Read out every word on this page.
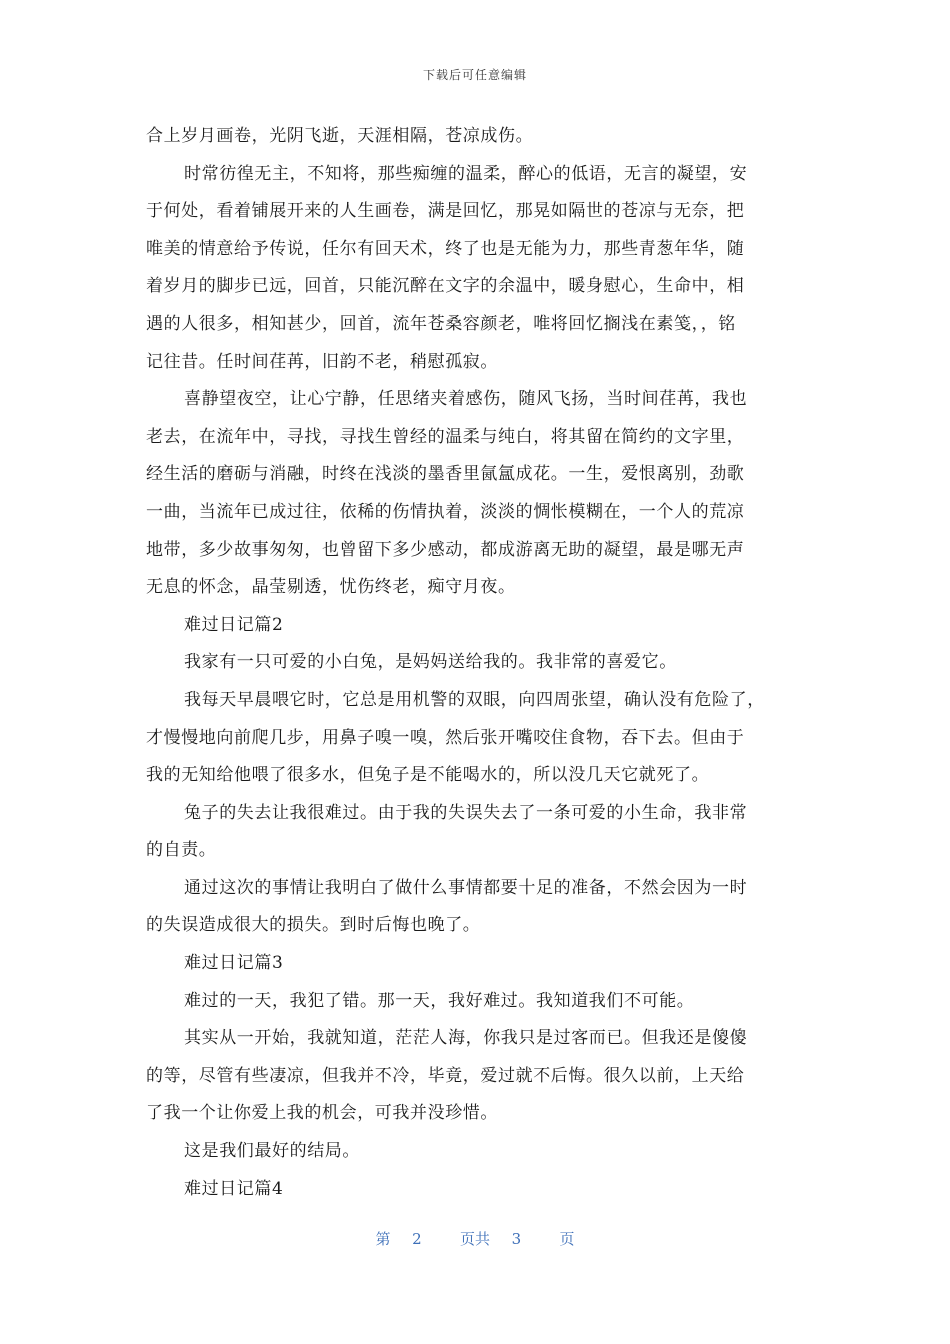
下载后可任意编辑
合上岁月画卷，光阴飞逝，天涯相隔，苍凉成伤。
时常彷徨无主，不知将，那些痴缠的温柔，醉心的低语，无言的凝望，安
于何处，看着铺展开来的人生画卷，满是回忆，那晃如隔世的苍凉与无奈，把
唯美的情意给予传说，任尔有回天术，终了也是无能为力，那些青葱年华，随
着岁月的脚步已远，回首，只能沉醉在文字的余温中，暖身慰心，生命中，相
遇的人很多，相知甚少，回首，流年苍桑容颜老，唯将回忆搁浅在素笺，，铭
记往昔。任时间荏苒，旧韵不老，稍慰孤寂。
喜静望夜空，让心宁静，任思绪夹着感伤，随风飞扬，当时间荏苒，我也
老去，在流年中，寻找，寻找生曾经的温柔与纯白，将其留在简约的文字里，
经生活的磨砺与消融，时终在浅淡的墨香里氤氲成花。一生，爱恨离别，劲歌
一曲，当流年已成过往，依稀的伤情执着，淡淡的惆怅模糊在，一个人的荒凉
地带，多少故事匆匆，也曾留下多少感动，都成游离无助的凝望，最是哪无声
无息的怀念，晶莹剔透，忧伤终老，痴守月夜。
难过日记篇2
我家有一只可爱的小白兔，是妈妈送给我的。我非常的喜爱它。
我每天早晨喂它时，它总是用机警的双眼，向四周张望，确认没有危险了，
才慢慢地向前爬几步，用鼻子嗅一嗅，然后张开嘴咬住食物，吞下去。但由于
我的无知给他喂了很多水，但兔子是不能喝水的，所以没几天它就死了。
兔子的失去让我很难过。由于我的失误失去了一条可爱的小生命，我非常
的自责。
通过这次的事情让我明白了做什么事情都要十足的准备，不然会因为一时
的失误造成很大的损失。到时后悔也晚了。
难过日记篇3
难过的一天，我犯了错。那一天，我好难过。我知道我们不可能。
其实从一开始，我就知道，茫茫人海，你我只是过客而已。但我还是傻傻
的等，尽管有些凄凉，但我并不冷，毕竟，爱过就不后悔。很久以前，上天给
了我一个让你爱上我的机会，可我并没珍惜。
这是我们最好的结局。
难过日记篇4
第 2	页共 3	页
